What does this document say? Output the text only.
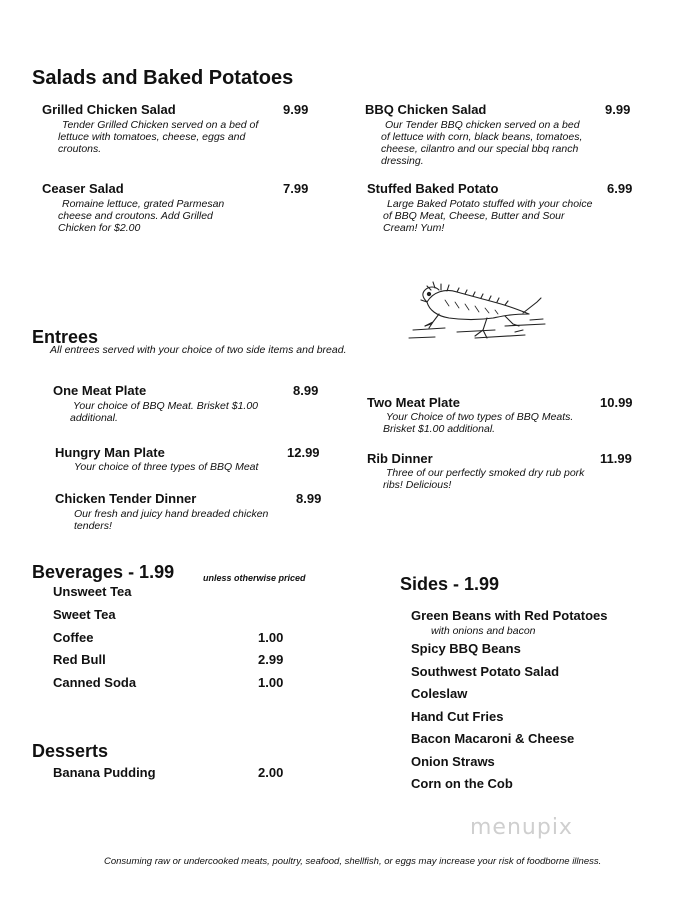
Salads and Baked Potatoes
Grilled Chicken Salad	9.99
Tender Grilled Chicken served on a bed of
lettuce with tomatoes, cheese, eggs and
croutons.
BBQ Chicken Salad	9.99
Our Tender BBQ chicken served on a bed
of lettuce with corn, black beans, tomatoes,
cheese, cilantro and our special bbq ranch
dressing.
Ceaser Salad	7.99
Romaine lettuce, grated Parmesan
cheese and croutons. Add Grilled
Chicken for $2.00
Stuffed Baked Potato	6.99
Large Baked Potato stuffed with your choice
of BBQ Meat, Cheese, Butter and Sour
Cream! Yum!
Entrees
All entrees served with your choice of two side items and bread.
One Meat Plate	8.99
Your choice of BBQ Meat. Brisket $1.00
additional.
Two Meat Plate	10.99
Your Choice of two types of BBQ Meats.
Brisket $1.00 additional.
Hungry Man Plate	12.99
Your choice of three types of BBQ Meat
Rib Dinner	11.99
Three of our perfectly smoked dry rub pork
ribs! Delicious!
Chicken Tender Dinner	8.99
Our fresh and juicy hand breaded chicken
tenders!
Beverages - 1.99	unless otherwise priced
Unsweet Tea
Sweet Tea
Coffee	1.00
Red Bull	2.99
Canned Soda	1.00
Desserts
Banana Pudding	2.00
Sides - 1.99
Green Beans with Red Potatoes
with onions and bacon
Spicy BBQ Beans
Southwest Potato Salad
Coleslaw
Hand Cut Fries
Bacon Macaroni & Cheese
Onion Straws
Corn on the Cob
menupix
Consuming raw or undercooked meats, poultry, seafood, shellfish, or eggs may increase your risk of foodborne illness.
